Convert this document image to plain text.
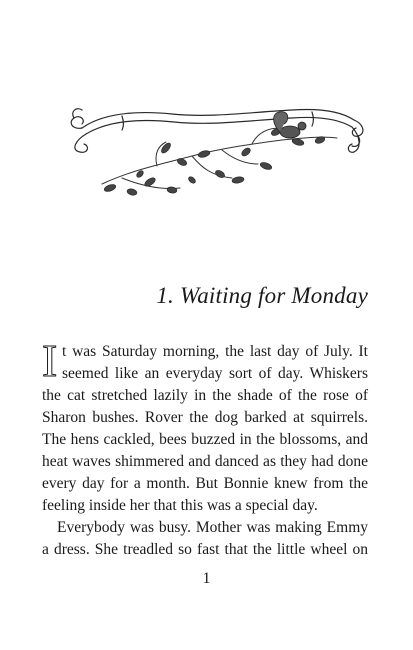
1. Waiting for Monday
I t was Saturday morning, the last day of July. It
seemed like an everyday sort of day. Whiskers
the cat stretched lazily in the shade of the rose of
Sharon bushes. Rover the dog barked at squirrels.
The hens cackled, bees buzzed in the blossoms, and
heat waves shimmered and danced as they had done
every day for a month. But Bonnie knew from the
feeling inside her that this was a special day.
Everybody was busy. Mother was making Emmy
a dress. She treadled so fast that the little wheel on
1
